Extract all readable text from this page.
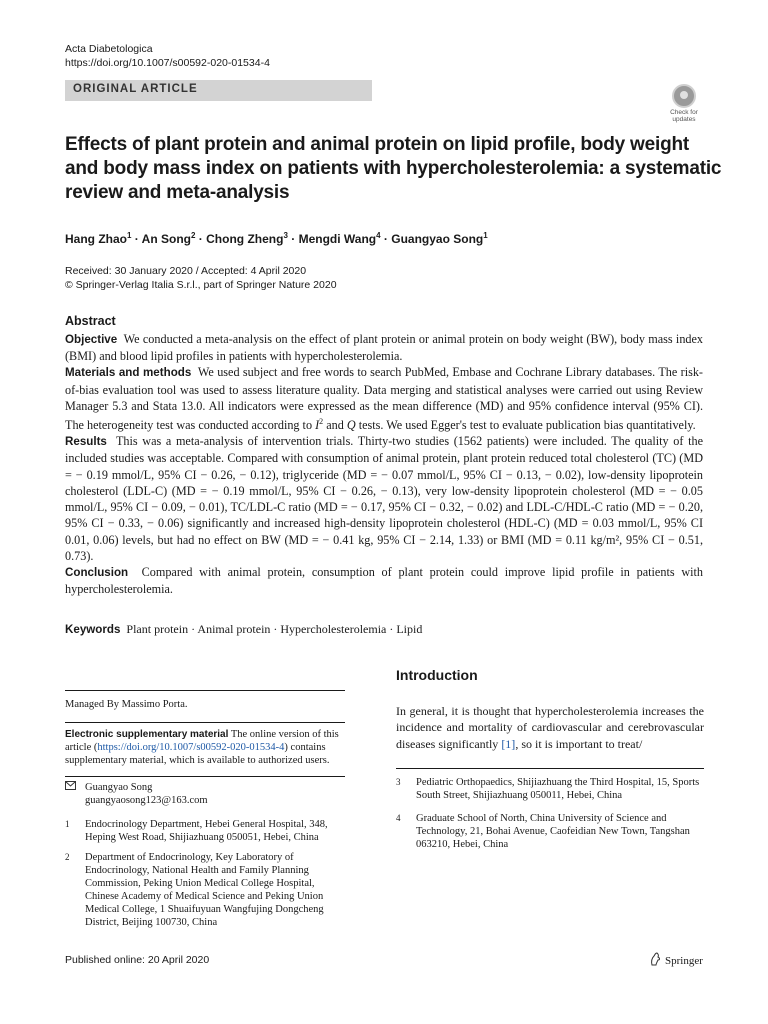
Acta Diabetologica
https://doi.org/10.1007/s00592-020-01534-4
ORIGINAL ARTICLE
Check for
updates
Effects of plant protein and animal protein on lipid profile, body weight and body mass index on patients with hypercholesterolemia: a systematic review and meta-analysis
Hang Zhao$^1$ · An Song$^2$ · Chong Zheng$^3$ · Mengdi Wang$^4$ · Guangyao Song$^1$
Received: 30 January 2020 / Accepted: 4 April 2020
© Springer-Verlag Italia S.r.l., part of Springer Nature 2020
Abstract

Objective We conducted a meta-analysis on the effect of plant protein or animal protein on body weight (BW), body mass index (BMI) and blood lipid profiles in patients with hypercholesterolemia.

Materials and methods We used subject and free words to search PubMed, Embase and Cochrane Library databases. The risk-of-bias evaluation tool was used to assess literature quality. Data merging and statistical analyses were carried out using Review Manager 5.3 and Stata 13.0. All indicators were expressed as the mean difference (MD) and 95% confidence interval (95% CI). The heterogeneity test was conducted according to $I^2$ and Q tests. We used Egger's test to evaluate publication bias quantitatively.

Results This was a meta-analysis of intervention trials. Thirty-two studies (1562 patients) were included. The quality of the included studies was acceptable. Compared with consumption of animal protein, plant protein reduced total cholesterol (TC) (MD = − 0.19 mmol/L, 95% CI − 0.26, − 0.12), triglyceride (MD = − 0.07 mmol/L, 95% CI − 0.13, − 0.02), low-density lipoprotein cholesterol (LDL-C) (MD = − 0.19 mmol/L, 95% CI − 0.26, − 0.13), very low-density lipoprotein cholesterol (MD = − 0.05 mmol/L, 95% CI − 0.09, − 0.01), TC/LDL-C ratio (MD = − 0.17, 95% CI − 0.32, − 0.02) and LDL-C/HDL-C ratio (MD = − 0.20, 95% CI − 0.33, − 0.06) significantly and increased high-density lipoprotein cholesterol (HDL-C) (MD = 0.03 mmol/L, 95% CI 0.01, 0.06) levels, but had no effect on BW (MD = − 0.41 kg, 95% CI − 2.14, 1.33) or BMI (MD = 0.11 kg/m², 95% CI − 0.51, 0.73).

Conclusion Compared with animal protein, consumption of plant protein could improve lipid profile in patients with hypercholesterolemia.

Keywords Plant protein · Animal protein · Hypercholesterolemia · Lipid
Introduction
In general, it is thought that hypercholesterolemia increases the incidence and mortality of cardiovascular and cerebrovascular diseases significantly [1], so it is important to treat/
Managed By Massimo Porta.
Electronic supplementary material The online version of this article (https://doi.org/10.1007/s00592-020-01534-4) contains supplementary material, which is available to authorized users.
Guangyao Song
guangyaosong123@163.com
1	Endocrinology Department, Hebei General Hospital, 348, Heping West Road, Shijiazhuang 050051, Hebei, China
2	Department of Endocrinology, Key Laboratory of Endocrinology, National Health and Family Planning Commission, Peking Union Medical College Hospital, Chinese Academy of Medical Science and Peking Union Medical College, 1 Shuaifuyuan Wangfujing Dongcheng District, Beijing 100730, China
3	Pediatric Orthopaedics, Shijiazhuang the Third Hospital, 15, Sports South Street, Shijiazhuang 050011, Hebei, China
4	Graduate School of North, China University of Science and Technology, 21, Bohai Avenue, Caofeidian New Town, Tangshan 063210, Hebei, China
Published online: 20 April 2020	Springer
